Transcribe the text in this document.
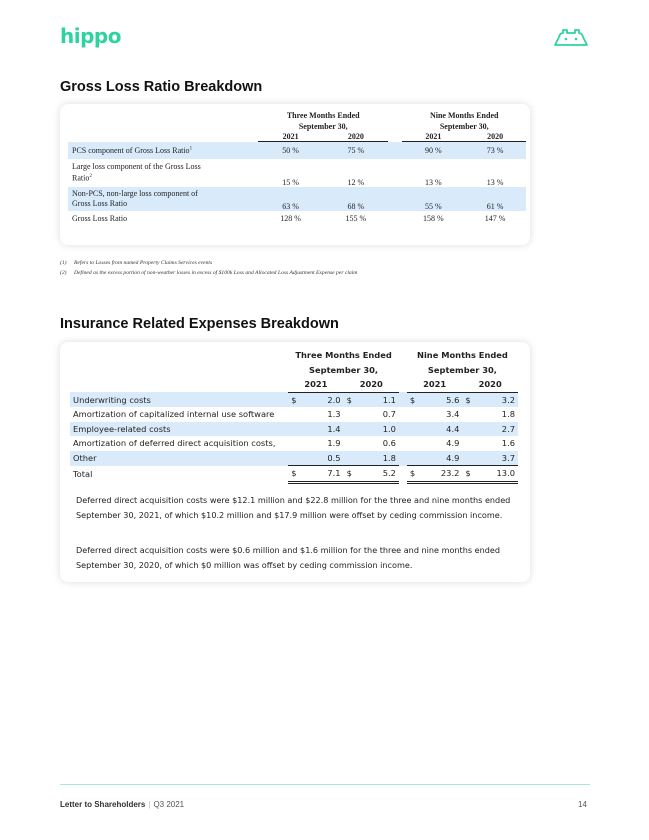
hippo
Gross Loss Ratio Breakdown
	Three Months Ended			Nine Months Ended	
	September 30,			September 30,	
	2021	2020		2021	2020
PCS component of Gross Loss Ratio$^1$	50 %	75 %		90 %	73 %
Large loss component of the Gross Loss
Ratio$^2$	15 %	12 %		13 %	13 %
Non-PCS, non-large loss component of
Gross Loss Ratio	63 %	68 %		55 %	61 %
Gross Loss Ratio	128 %	155 %		158 %	147 %
(1) Refers to Losses from named Property Claims Services events
(2) Defined as the excess portion of non-weather losses in excess of $100k Loss and Allocated Loss Adjustment Expense per claim
Insurance Related Expenses Breakdown
	Three Months Ended					Nine Months Ended			
	September 30,					September 30,			
	2021		2020			2021		2020	
Underwriting costs	$	2.0	$	1.1		$	5.6	$	3.2
Amortization of capitalized internal use software		1.3		0.7			3.4		1.8
Employee-related costs		1.4		1.0			4.4		2.7
Amortization of deferred direct acquisition costs,		1.9		0.6			4.9		1.6
Other		0.5		1.8			4.9		3.7
Total	$	7.1	$	5.2		$	23.2	$	13.0

Deferred direct acquisition costs were $12.1 million and $22.8 million for the three and nine months ended September 30, 2021, of which $10.2 million and $17.9 million were offset by ceding commission income.

Deferred direct acquisition costs were $0.6 million and $1.6 million for the three and nine months ended September 30, 2020, of which $0 million was offset by ceding commission income.

Letter to Shareholders | Q3 2021	14
